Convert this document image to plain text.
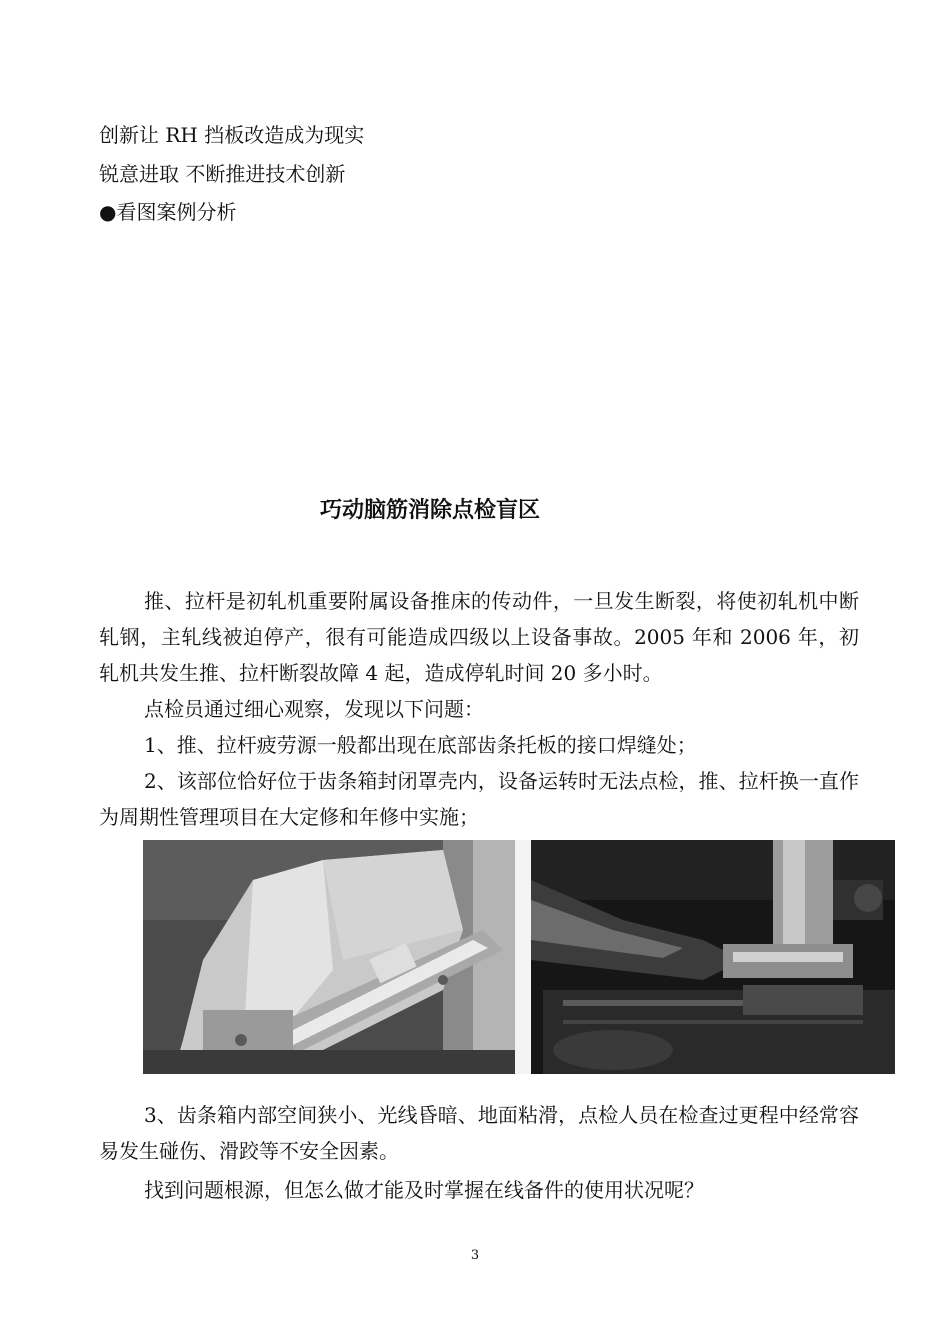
创新让 RH 挡板改造成为现实
锐意进取 不断推进技术创新
●看图案例分析
巧动脑筋消除点检盲区
推、拉杆是初轧机重要附属设备推床的传动件，一旦发生断裂，将使初轧机中断轧钢，主轧线被迫停产，很有可能造成四级以上设备事故。2005 年和 2006 年，初轧机共发生推、拉杆断裂故障 4 起，造成停轧时间 20 多小时。
点检员通过细心观察，发现以下问题：
1、推、拉杆疲劳源一般都出现在底部齿条托板的接口焊缝处；
2、该部位恰好位于齿条箱封闭罩壳内，设备运转时无法点检，推、拉杆换一直作为周期性管理项目在大定修和年修中实施；
3、齿条箱内部空间狭小、光线昏暗、地面粘滑，点检人员在检查过更程中经常容易发生碰伤、滑跤等不安全因素。
找到问题根源，但怎么做才能及时掌握在线备件的使用状况呢？
3
